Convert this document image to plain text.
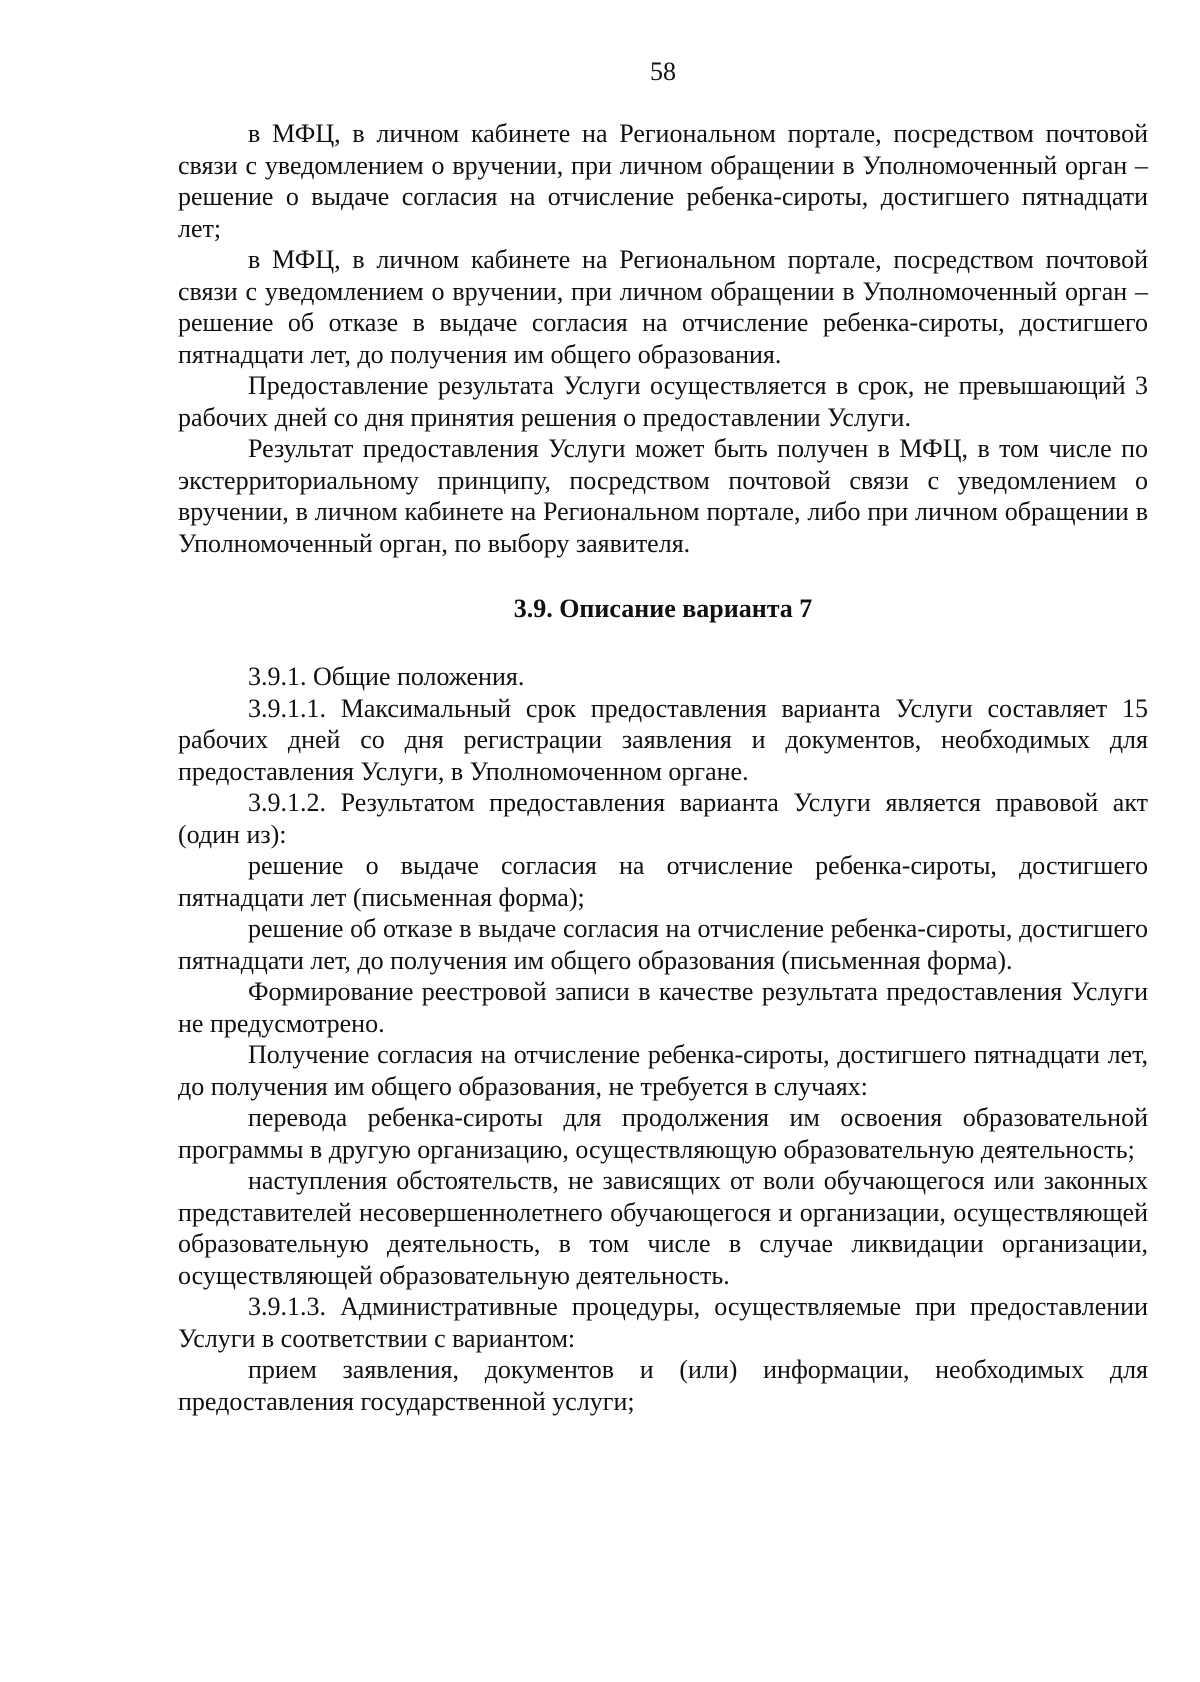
58

в МФЦ, в личном кабинете на Региональном портале, посредством почтовой связи с уведомлением о вручении, при личном обращении в Уполномоченный орган – решение о выдаче согласия на отчисление ребенка-сироты, достигшего пятнадцати лет;

в МФЦ, в личном кабинете на Региональном портале, посредством почтовой связи с уведомлением о вручении, при личном обращении в Уполномоченный орган – решение об отказе в выдаче согласия на отчисление ребенка-сироты, достигшего пятнадцати лет, до получения им общего образования.

Предоставление результата Услуги осуществляется в срок, не превышающий 3 рабочих дней со дня принятия решения о предоставлении Услуги.

Результат предоставления Услуги может быть получен в МФЦ, в том числе по экстерриториальному принципу, посредством почтовой связи с уведомлением о вручении, в личном кабинете на Региональном портале, либо при личном обращении в Уполномоченный орган, по выбору заявителя.

3.9. Описание варианта 7

3.9.1. Общие положения.

3.9.1.1. Максимальный срок предоставления варианта Услуги составляет 15 рабочих дней со дня регистрации заявления и документов, необходимых для предоставления Услуги, в Уполномоченном органе.

3.9.1.2. Результатом предоставления варианта Услуги является правовой акт (один из):

решение о выдаче согласия на отчисление ребенка-сироты, достигшего пятнадцати лет (письменная форма);

решение об отказе в выдаче согласия на отчисление ребенка-сироты, достигшего пятнадцати лет, до получения им общего образования (письменная форма).

Формирование реестровой записи в качестве результата предоставления Услуги не предусмотрено.

Получение согласия на отчисление ребенка-сироты, достигшего пятнадцати лет, до получения им общего образования, не требуется в случаях:

перевода ребенка-сироты для продолжения им освоения образовательной программы в другую организацию, осуществляющую образовательную деятельность;

наступления обстоятельств, не зависящих от воли обучающегося или законных представителей несовершеннолетнего обучающегося и организации, осуществляющей образовательную деятельность, в том числе в случае ликвидации организации, осуществляющей образовательную деятельность.

3.9.1.3. Административные процедуры, осуществляемые при предоставлении Услуги в соответствии с вариантом:

прием заявления, документов и (или) информации, необходимых для предоставления государственной услуги;
